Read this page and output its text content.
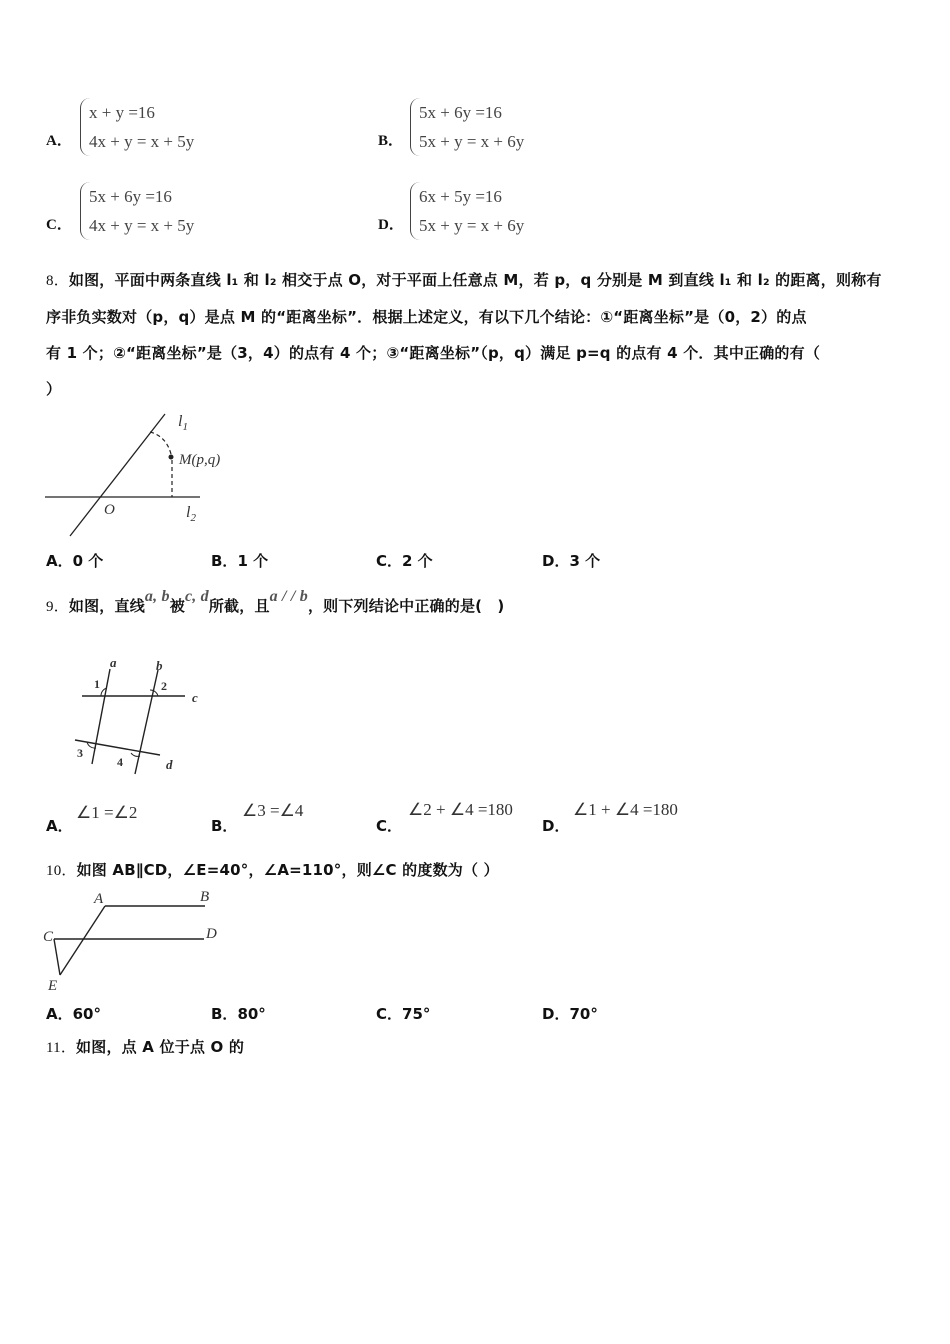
A．
x + y =16
4x + y = x + 5y	B．
5x + 6y =16
5x + y = x + 6y
C．
5x + 6y =16
4x + y = x + 5y	D．
6x + 5y =16
5x + y = x + 6y
8．如图，平面中两条直线 l₁ 和 l₂ 相交于点 O，对于平面上任意点 M，若 p，q 分别是 M 到直线 l₁ 和 l₂ 的距离，则称有
序非负实数对（p，q）是点 M 的“距离坐标”．根据上述定义，有以下几个结论：①“距离坐标”是（0，2）的点
有 1 个；②“距离坐标”是（3，4）的点有 4 个；③“距离坐标”（p，q）满足 p=q 的点有 4 个．其中正确的有（
）
$l_1$
M(p,q)
O	$l_2$
A．0 个	B．1 个	C．2 个	D．3 个
9．如图，直线a, b被c, d所截，且a / / b，则下列结论中正确的是(　)
a	b
c
d
1	2
3
4
A．
∠1 =∠2
B．
∠3 =∠4
C．
∠2 + ∠4 =180
D．
∠1 + ∠4 =180
10．如图 AB∥CD，∠E=40°，∠A=110°，则∠C 的度数为（ ）
A	B
C	D
E
A．60°	B．80°	C．75°	D．70°
11．如图，点 A 位于点 O 的
